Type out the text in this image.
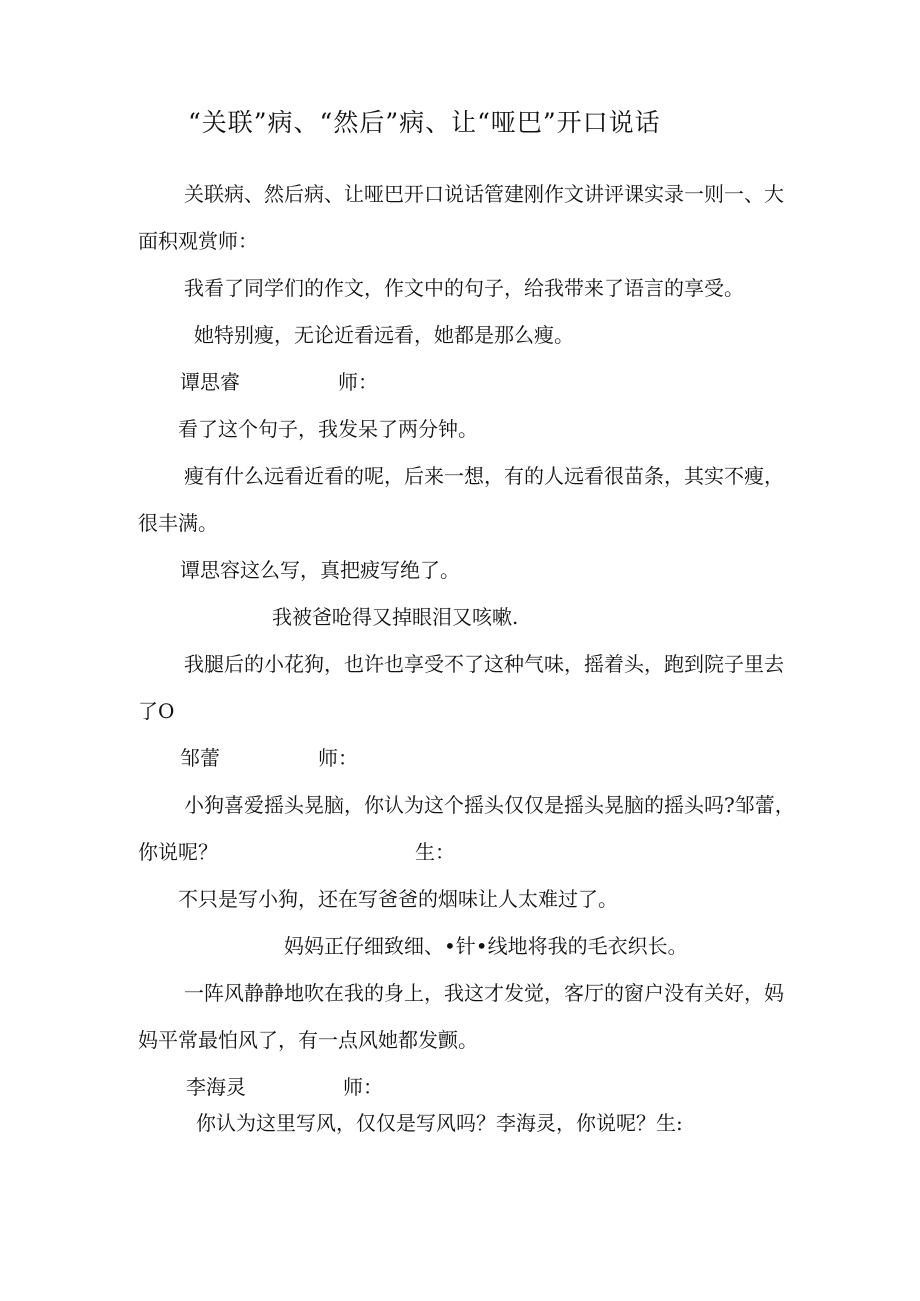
“关联”病、“然后”病、让“哑巴”开口说话
关联病、然后病、让哑巴开口说话管建刚作文讲评课实录一则一、大
面积观赏师：
我看了同学们的作文，作文中的句子，给我带来了语言的享受。
她特别瘦，无论近看远看，她都是那么瘦。
谭思睿	师：
看了这个句子，我发呆了两分钟。
瘦有什么远看近看的呢，后来一想，有的人远看很苗条，其实不瘦，
很丰满。
谭思容这么写，真把疲写绝了。
我被爸呛得又掉眼泪又咳嗽.
我腿后的小花狗，也许也享受不了这种气味，摇着头，跑到院子里去
了O
邹蕾	师：
小狗喜爱摇头晃脑，你认为这个摇头仅仅是摇头晃脑的摇头吗?邹蕾，
你说呢？	生：
不只是写小狗，还在写爸爸的烟味让人太难过了。
妈妈正仔细致细、•针•线地将我的毛衣织长。
一阵风静静地吹在我的身上，我这才发觉，客厅的窗户没有关好，妈
妈平常最怕风了，有一点风她都发颤。
李海灵	师：
你认为这里写风，仅仅是写风吗？李海灵，你说呢？生:
